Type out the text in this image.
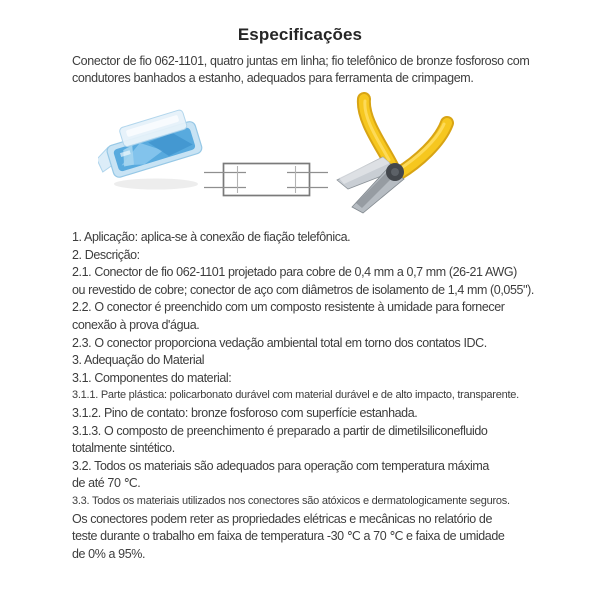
Especificações
Conector de fio 062-1101, quatro juntas em linha; fio telefônico de bronze fosforoso com
condutores banhados a estanho, adequados para ferramenta de crimpagem.
1. Aplicação: aplica-se à conexão de fiação telefônica.
2. Descrição:
2.1. Conector de fio 062-1101 projetado para cobre de 0,4 mm a 0,7 mm (26-21 AWG)
ou revestido de cobre; conector de aço com diâmetros de isolamento de 1,4 mm (0,055").
2.2. O conector é preenchido com um composto resistente à umidade para fornecer
conexão à prova d'água.
2.3. O conector proporciona vedação ambiental total em torno dos contatos IDC.
3. Adequação do Material
3.1. Componentes do material:
3.1.1. Parte plástica: policarbonato durável com material durável e de alto impacto, transparente.
3.1.2. Pino de contato: bronze fosforoso com superfície estanhada.
3.1.3. O composto de preenchimento é preparado a partir de dimetilsiliconefluido
totalmente sintético.
3.2. Todos os materiais são adequados para operação com temperatura máxima
de até 70 ℃.
3.3. Todos os materiais utilizados nos conectores são atóxicos e dermatologicamente seguros.
Os conectores podem reter as propriedades elétricas e mecânicas no relatório de
teste durante o trabalho em faixa de temperatura -30 ℃ a 70 ℃ e faixa de umidade
de 0% a 95%.
